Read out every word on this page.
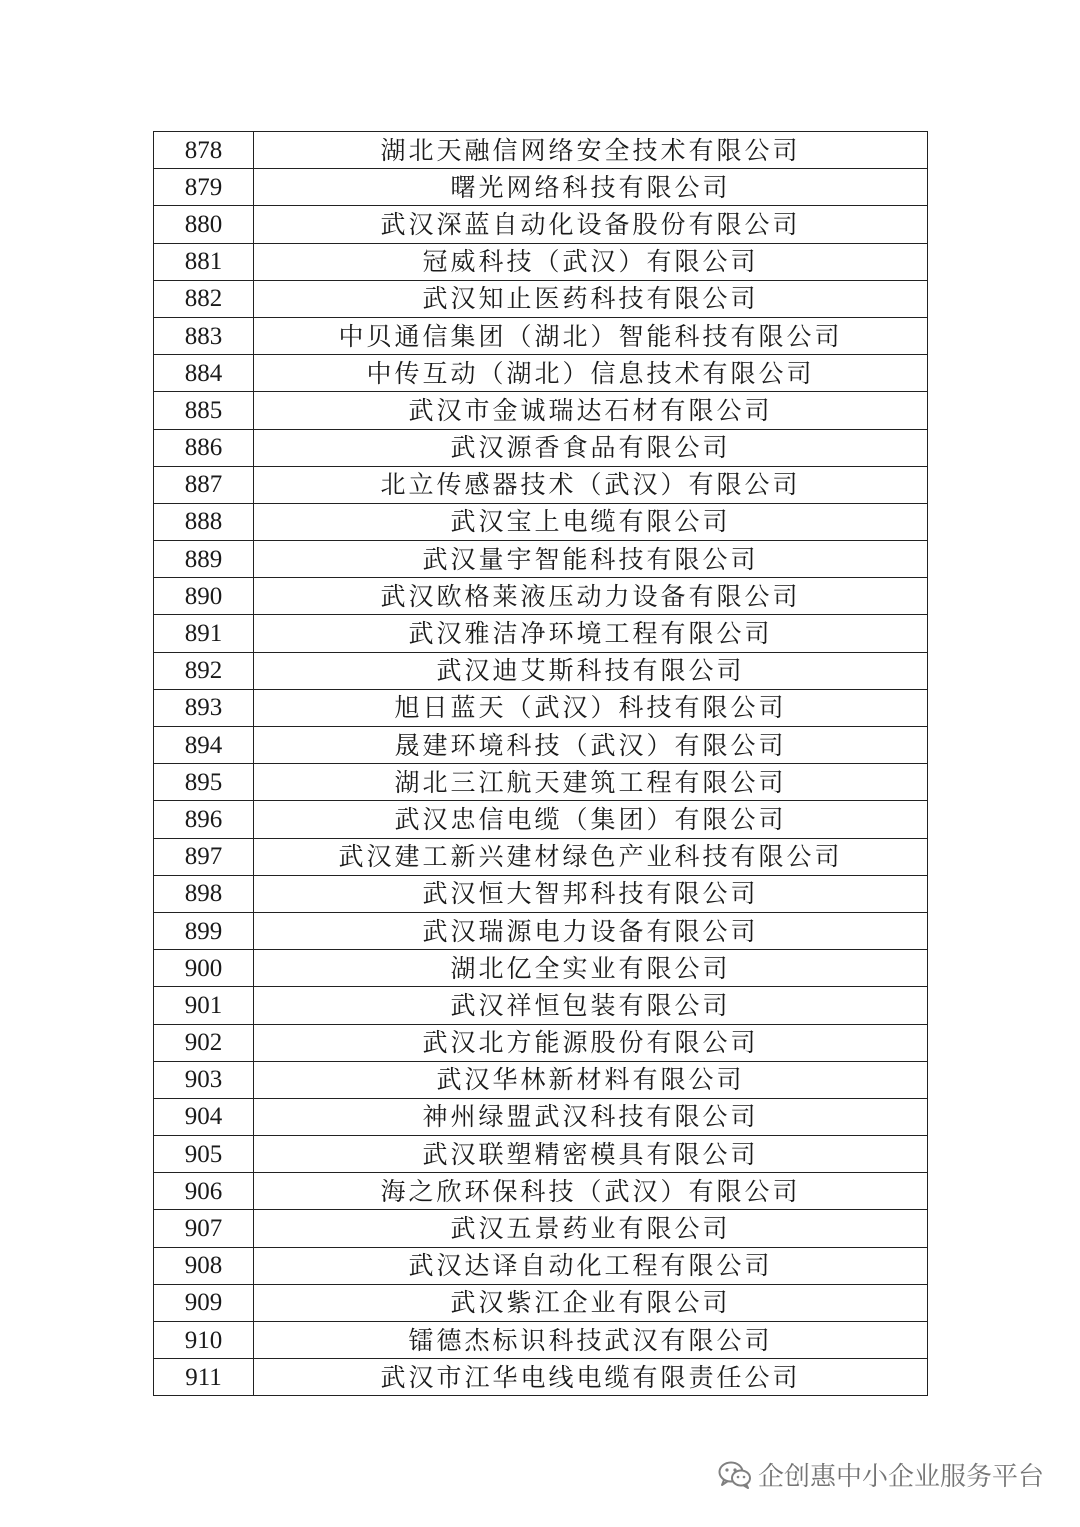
878	湖北天融信网络安全技术有限公司
879	曙光网络科技有限公司
880	武汉深蓝自动化设备股份有限公司
881	冠威科技（武汉）有限公司
882	武汉知止医药科技有限公司
883	中贝通信集团（湖北）智能科技有限公司
884	中传互动（湖北）信息技术有限公司
885	武汉市金诚瑞达石材有限公司
886	武汉源香食品有限公司
887	北立传感器技术（武汉）有限公司
888	武汉宝上电缆有限公司
889	武汉量宇智能科技有限公司
890	武汉欧格莱液压动力设备有限公司
891	武汉雅洁净环境工程有限公司
892	武汉迪艾斯科技有限公司
893	旭日蓝天（武汉）科技有限公司
894	晟建环境科技（武汉）有限公司
895	湖北三江航天建筑工程有限公司
896	武汉忠信电缆（集团）有限公司
897	武汉建工新兴建材绿色产业科技有限公司
898	武汉恒大智邦科技有限公司
899	武汉瑞源电力设备有限公司
900	湖北亿全实业有限公司
901	武汉祥恒包装有限公司
902	武汉北方能源股份有限公司
903	武汉华林新材料有限公司
904	神州绿盟武汉科技有限公司
905	武汉联塑精密模具有限公司
906	海之欣环保科技（武汉）有限公司
907	武汉五景药业有限公司
908	武汉达译自动化工程有限公司
909	武汉紫江企业有限公司
910	镭德杰标识科技武汉有限公司
911	武汉市江华电线电缆有限责任公司
企创惠中小企业服务平台
